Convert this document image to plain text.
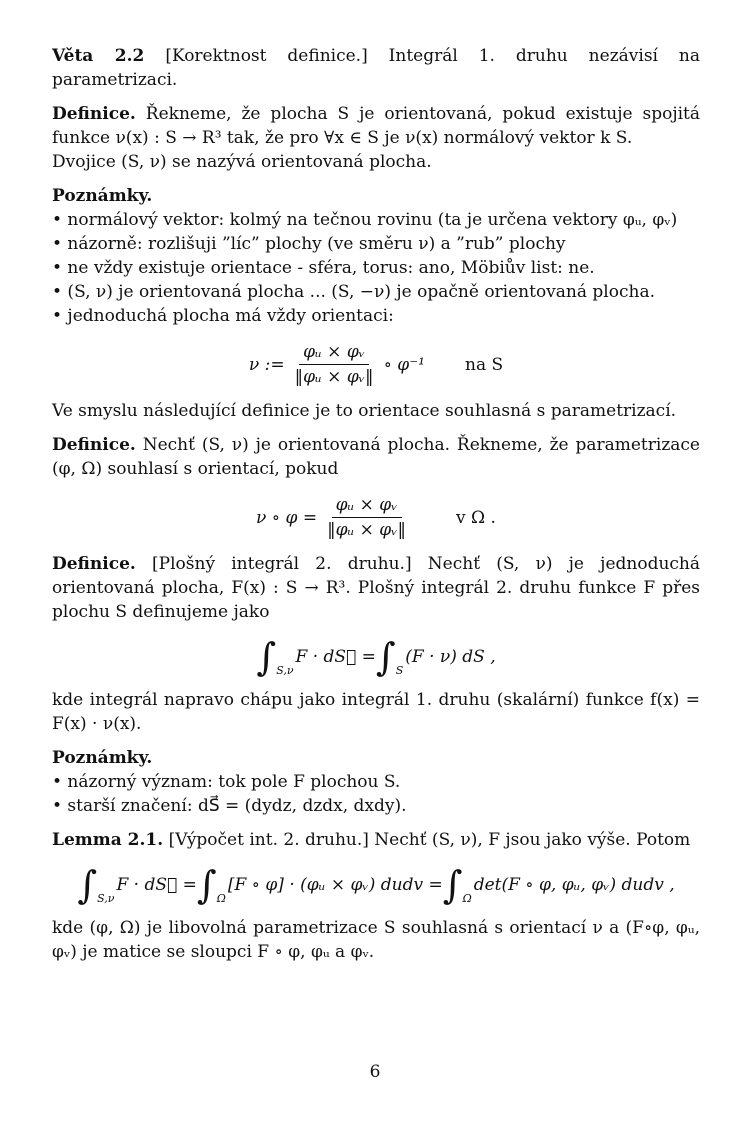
Věta 2.2 [Korektnost definice.] Integrál 1. druhu nezávisí na parametrizaci.

Definice. Řekneme, že plocha S je orientovaná, pokud existuje spojitá funkce ν(x) : S → R³ tak, že pro ∀x ∈ S je ν(x) normálový vektor k S.

Dvojice (S, ν) se nazývá orientovaná plocha.

Poznámky.

• normálový vektor: kolmý na tečnou rovinu (ta je určena vektory φᵤ, φᵥ)

• názorně: rozlišuji ”líc” plochy (ve směru ν) a ”rub” plochy

• ne vždy existuje orientace - sféra, torus: ano, Möbiův list: ne.

• (S, ν) je orientovaná plocha ... (S, −ν) je opačně orientovaná plocha.

• jednoduchá plocha má vždy orientaci:

ν := $\frac{\text{φᵤ × φᵥ}}{\text{‖φᵤ × φᵥ‖}}$ ∘ φ⁻¹ na S

Ve smyslu následující definice je to orientace souhlasná s parametrizací.

Definice. Nechť (S, ν) je orientovaná plocha. Řekneme, že parametrizace (φ, Ω) souhlasí s orientací, pokud

ν ∘ $\varphi = \frac{\text{φᵤ × φᵥ}}{\text{‖φᵤ × φᵥ‖}}$	v Ω .

Definice. [Plošný integrál 2. druhu.] Nechť (S, ν) je jednoduchá orientovaná plocha, F(x) : S → R³. Plošný integrál 2. druhu funkce F přes plochu S definujeme jako

∫ S,ν
F · dS⃗ = ∫ S
(F · ν) dS ,

kde integrál napravo chápu jako integrál 1. druhu (skalární) funkce f(x) = F(x) · ν(x).

Poznámky.

• názorný význam: tok pole F plochou S.

• starší značení: dS⃗ = (dydz, dzdx, dxdy).

Lemma 2.1. [Výpočet int. 2. druhu.] Nechť (S, ν), F jsou jako výše. Potom

∫ S,ν
F · dS⃗ = ∫ Ω
[F ∘ φ] · (φᵤ × φᵥ) dudv = ∫ Ω
det(F ∘ φ, φᵤ, φᵥ) dudv ,

kde (φ, Ω) je libovolná parametrizace S souhlasná s orientací ν a (F∘φ, φᵤ, φᵥ) je matice se sloupci F ∘ φ, φᵤ a φᵥ.

6
